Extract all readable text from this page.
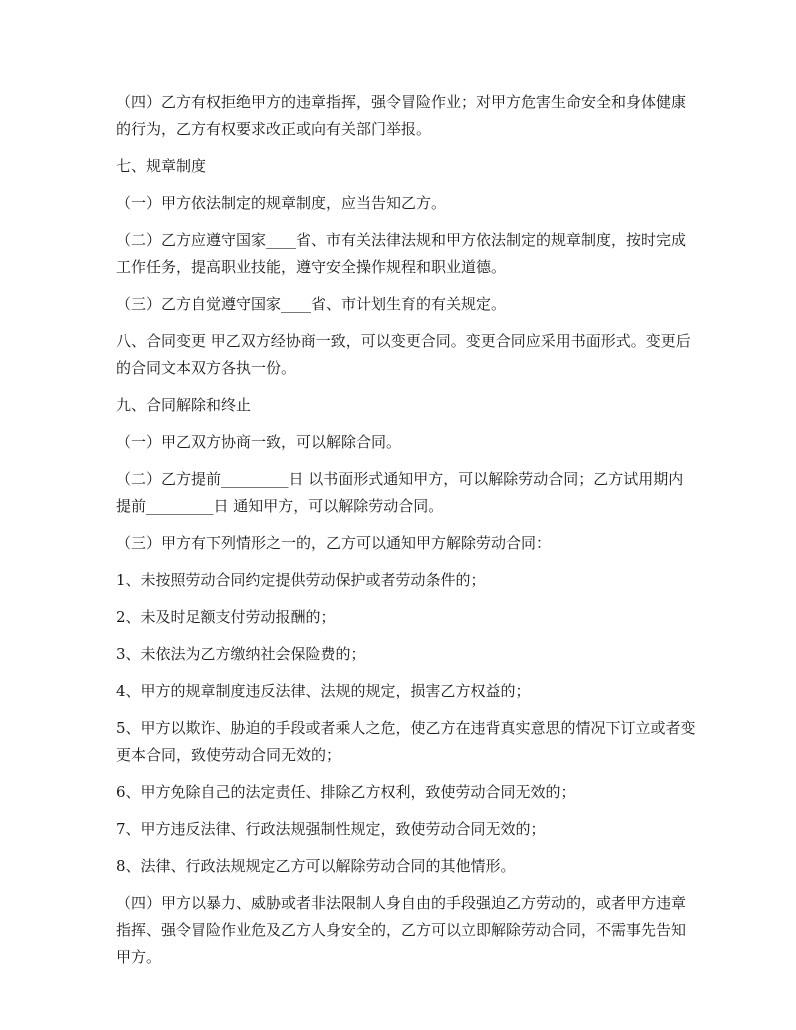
（四）乙方有权拒绝甲方的违章指挥，强令冒险作业；对甲方危害生命安全和身体健康的行为，乙方有权要求改正或向有关部门举报。

七、规章制度

（一）甲方依法制定的规章制度，应当告知乙方。

（二）乙方应遵守国家____省、市有关法律法规和甲方依法制定的规章制度，按时完成工作任务，提高职业技能，遵守安全操作规程和职业道德。

（三）乙方自觉遵守国家____省、市计划生育的有关规定。

八、合同变更 甲乙双方经协商一致，可以变更合同。变更合同应采用书面形式。变更后的合同文本双方各执一份。

九、合同解除和终止

（一）甲乙双方协商一致，可以解除合同。

（二）乙方提前_________日 以书面形式通知甲方，可以解除劳动合同；乙方试用期内提前_________日 通知甲方，可以解除劳动合同。

（三）甲方有下列情形之一的，乙方可以通知甲方解除劳动合同：

1、未按照劳动合同约定提供劳动保护或者劳动条件的；

2、未及时足额支付劳动报酬的；

3、未依法为乙方缴纳社会保险费的；

4、甲方的规章制度违反法律、法规的规定，损害乙方权益的；

5、甲方以欺诈、胁迫的手段或者乘人之危，使乙方在违背真实意思的情况下订立或者变更本合同，致使劳动合同无效的；

6、甲方免除自己的法定责任、排除乙方权利，致使劳动合同无效的；

7、甲方违反法律、行政法规强制性规定，致使劳动合同无效的；

8、法律、行政法规规定乙方可以解除劳动合同的其他情形。

（四）甲方以暴力、威胁或者非法限制人身自由的手段强迫乙方劳动的，或者甲方违章指挥、强令冒险作业危及乙方人身安全的，乙方可以立即解除劳动合同，不需事先告知甲方。
